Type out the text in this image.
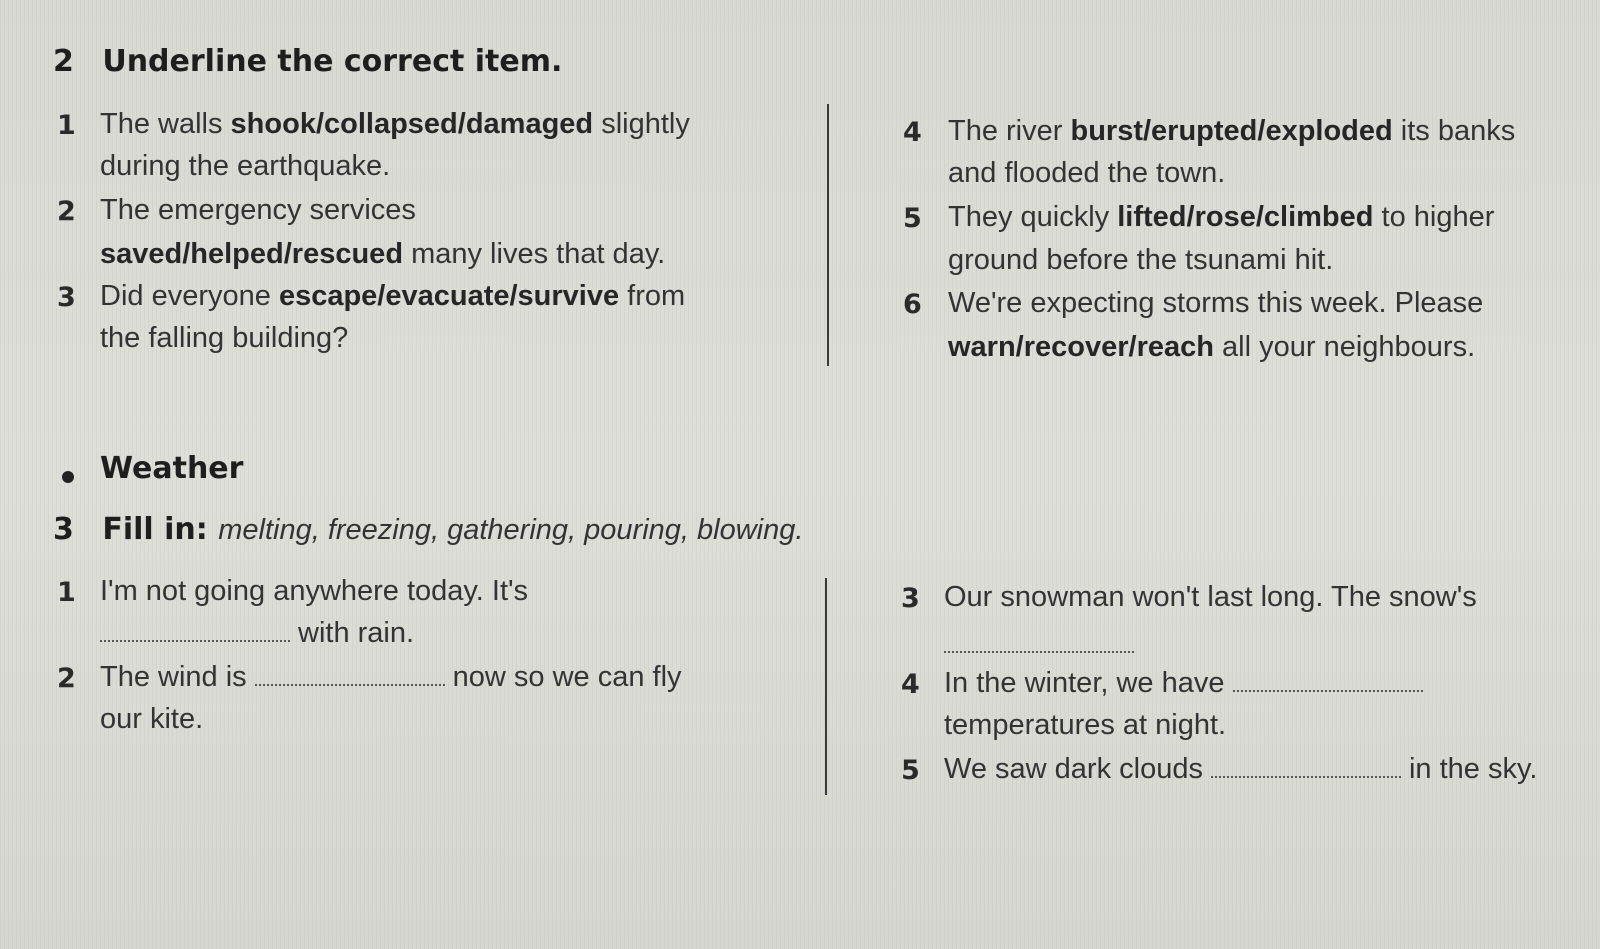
2 Underline the correct item.
1 The walls shook/collapsed/damaged slightly
during the earthquake.
2 The emergency services
saved/helped/rescued many lives that day.
3 Did everyone escape/evacuate/survive from
the falling building?
4 The river burst/erupted/exploded its banks
and flooded the town.
5 They quickly lifted/rose/climbed to higher
ground before the tsunami hit.
6 We're expecting storms this week. Please
warn/recover/reach all your neighbours.
Weather
3 Fill in: melting, freezing, gathering, pouring, blowing.
1 I'm not going anywhere today. It's
with rain.
2 The wind is	now so we can fly
our kite.
3 Our snowman won't last long. The snow's
4 In the winter, we have
temperatures at night.
5 We saw dark clouds	in the sky.
